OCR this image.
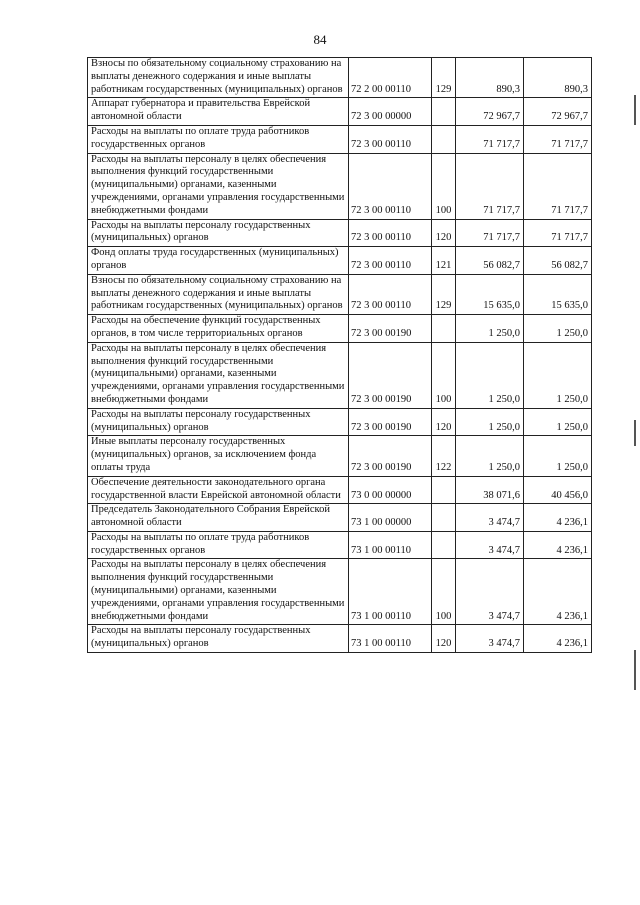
84
Взносы по обязательному социальному страхованию на выплаты денежного содержания и иные выплаты работникам государственных (муниципальных) органов	72 2 00 00110	129	890,3	890,3
Аппарат губернатора и правительства Еврейской автономной области	72 3 00 00000		72 967,7	72 967,7
Расходы на выплаты по оплате труда работников государственных органов	72 3 00 00110		71 717,7	71 717,7
Расходы на выплаты персоналу в целях обеспечения выполнения функций государственными (муниципальными) органами, казенными учреждениями, органами управления государственными внебюджетными фондами	72 3 00 00110	100	71 717,7	71 717,7
Расходы на выплаты персоналу государственных (муниципальных) органов	72 3 00 00110	120	71 717,7	71 717,7
Фонд оплаты труда государственных (муниципальных) органов	72 3 00 00110	121	56 082,7	56 082,7
Взносы по обязательному социальному страхованию на выплаты денежного содержания и иные выплаты работникам государственных (муниципальных) органов	72 3 00 00110	129	15 635,0	15 635,0
Расходы на обеспечение функций государственных органов, в том числе территориальных органов	72 3 00 00190		1 250,0	1 250,0
Расходы на выплаты персоналу в целях обеспечения выполнения функций государственными (муниципальными) органами, казенными учреждениями, органами управления государственными внебюджетными фондами	72 3 00 00190	100	1 250,0	1 250,0
Расходы на выплаты персоналу государственных (муниципальных) органов	72 3 00 00190	120	1 250,0	1 250,0
Иные выплаты персоналу государственных (муниципальных) органов, за исключением фонда оплаты труда	72 3 00 00190	122	1 250,0	1 250,0
Обеспечение деятельности законодательного органа государственной власти Еврейской автономной области	73 0 00 00000		38 071,6	40 456,0
Председатель Законодательного Собрания Еврейской автономной области	73 1 00 00000		3 474,7	4 236,1
Расходы на выплаты по оплате труда работников государственных органов	73 1 00 00110		3 474,7	4 236,1
Расходы на выплаты персоналу в целях обеспечения выполнения функций государственными (муниципальными) органами, казенными учреждениями, органами управления государственными внебюджетными фондами	73 1 00 00110	100	3 474,7	4 236,1
Расходы на выплаты персоналу государственных (муниципальных) органов	73 1 00 00110	120	3 474,7	4 236,1
